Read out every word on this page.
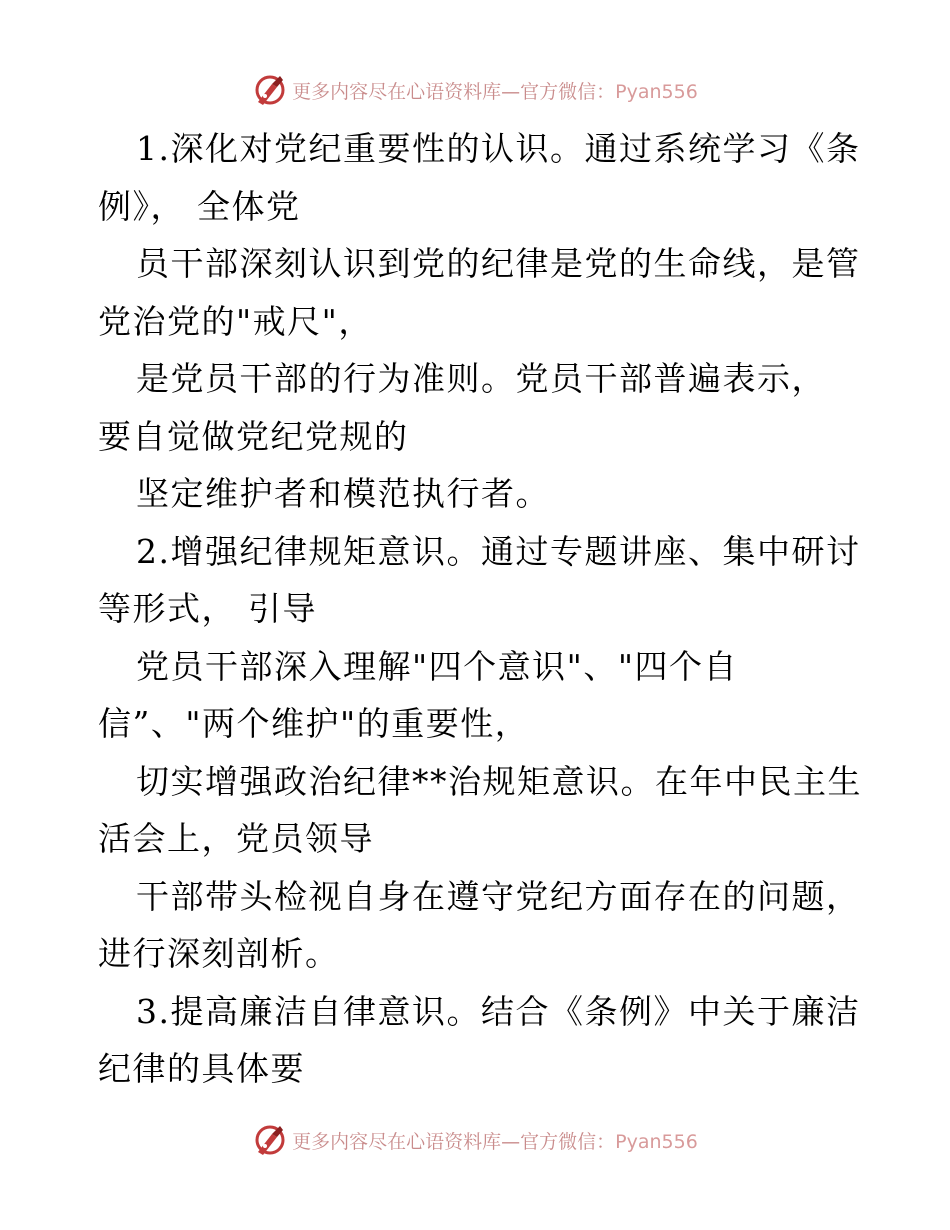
更多内容尽在心语资料库—官方微信：Pyan556
1.深化对党纪重要性的认识。通过系统学习《条
例》， 全体党
员干部深刻认识到党的纪律是党的生命线，是管
党治党的"戒尺"，
是党员干部的行为准则。党员干部普遍表示，
要自觉做党纪党规的
坚定维护者和模范执行者。
2.增强纪律规矩意识。通过专题讲座、集中研讨
等形式， 引导
党员干部深入理解"四个意识"、"四个自
信”、"两个维护"的重要性，
切实增强政治纪律**治规矩意识。在年中民主生
活会上，党员领导
干部带头检视自身在遵守党纪方面存在的问题，
进行深刻剖析。
3.提高廉洁自律意识。结合《条例》中关于廉洁
纪律的具体要
更多内容尽在心语资料库—官方微信：Pyan556
